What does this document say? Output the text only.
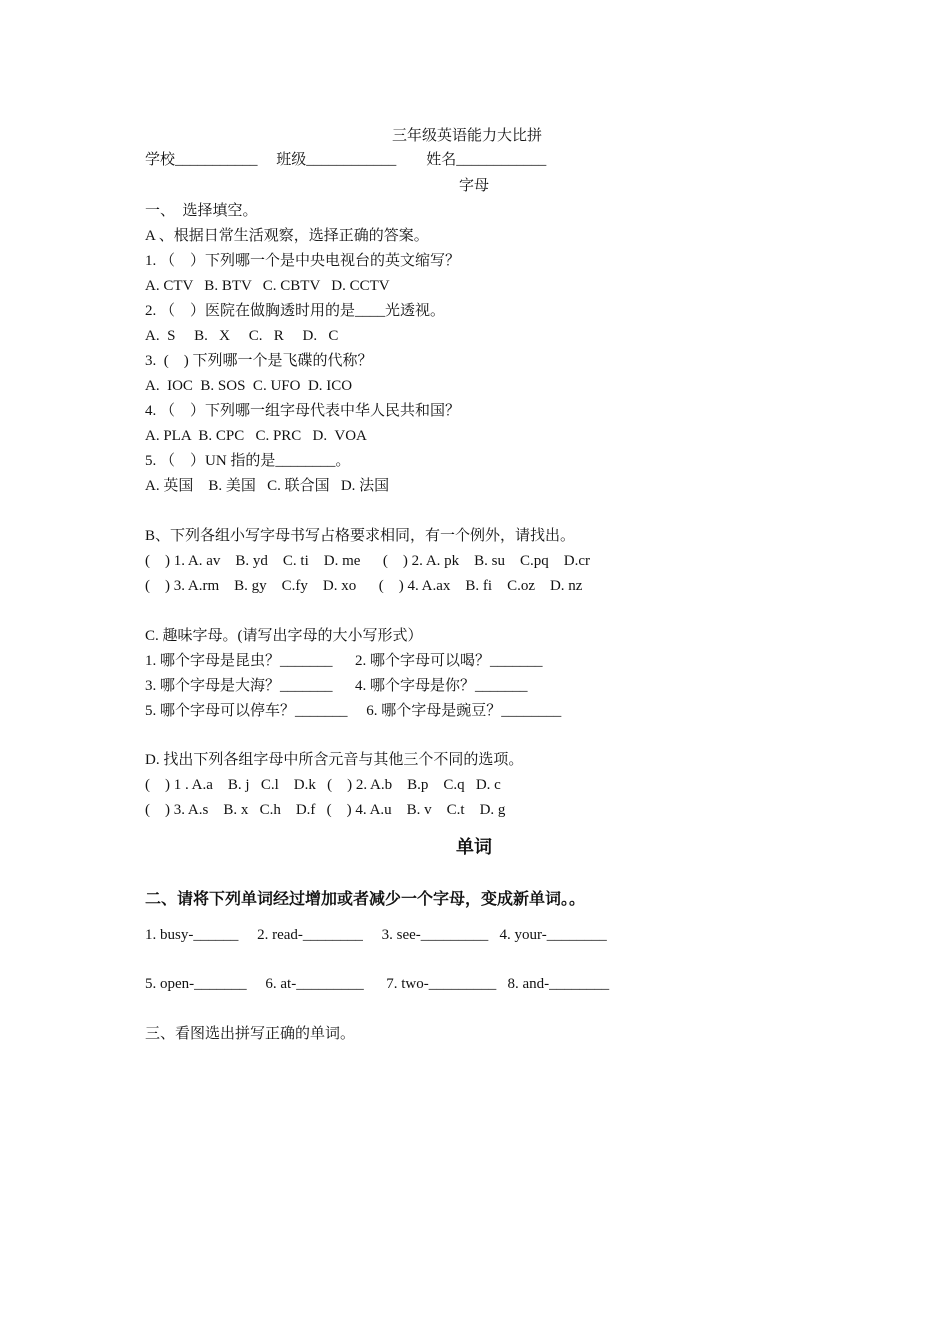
三年级英语能力大比拼
学校___________     班级____________        姓名____________
字母
一、  选择填空。
A 、根据日常生活观察，选择正确的答案。
1. （    ）下列哪一个是中央电视台的英文缩写？
A. CTV   B. BTV   C. CBTV   D. CCTV
2. （    ）医院在做胸透时用的是____光透视。
A.  S     B.   X     C.   R     D.   C
3.  (    ) 下列哪一个是飞碟的代称？
A.  IOC  B. SOS  C. UFO  D. ICO
4. （    ）下列哪一组字母代表中华人民共和国？
A. PLA  B. CPC   C. PRC   D.  VOA
5. （    ）UN 指的是________。
A. 英国    B. 美国   C. 联合国   D. 法国
B、下列各组小写字母书写占格要求相同，有一个例外，请找出。
(    ) 1. A. av    B. yd    C. ti    D. me      (    ) 2. A. pk    B. su    C.pq    D.cr
(    ) 3. A.rm    B. gy    C.fy    D. xo      (    ) 4. A.ax    B. fi    C.oz    D. nz
C. 趣味字母。(请写出字母的大小写形式）
1. 哪个字母是昆虫？_______      2. 哪个字母可以喝？_______
3. 哪个字母是大海？_______      4. 哪个字母是你？_______
5. 哪个字母可以停车？_______     6. 哪个字母是豌豆？________
D. 找出下列各组字母中所含元音与其他三个不同的选项。
(    ) 1 . A.a    B. j   C.l    D.k   (    ) 2. A.b    B.p    C.q   D. c
(    ) 3. A.s    B. x   C.h    D.f   (    ) 4. A.u    B. v    C.t    D. g
单词
二、请将下列单词经过增加或者减少一个字母，变成新单词。。
1. busy-______     2. read-________     3. see-_________   4. your-________
5. open-_______     6. at-_________      7. two-_________   8. and-________
三、看图选出拼写正确的单词。
